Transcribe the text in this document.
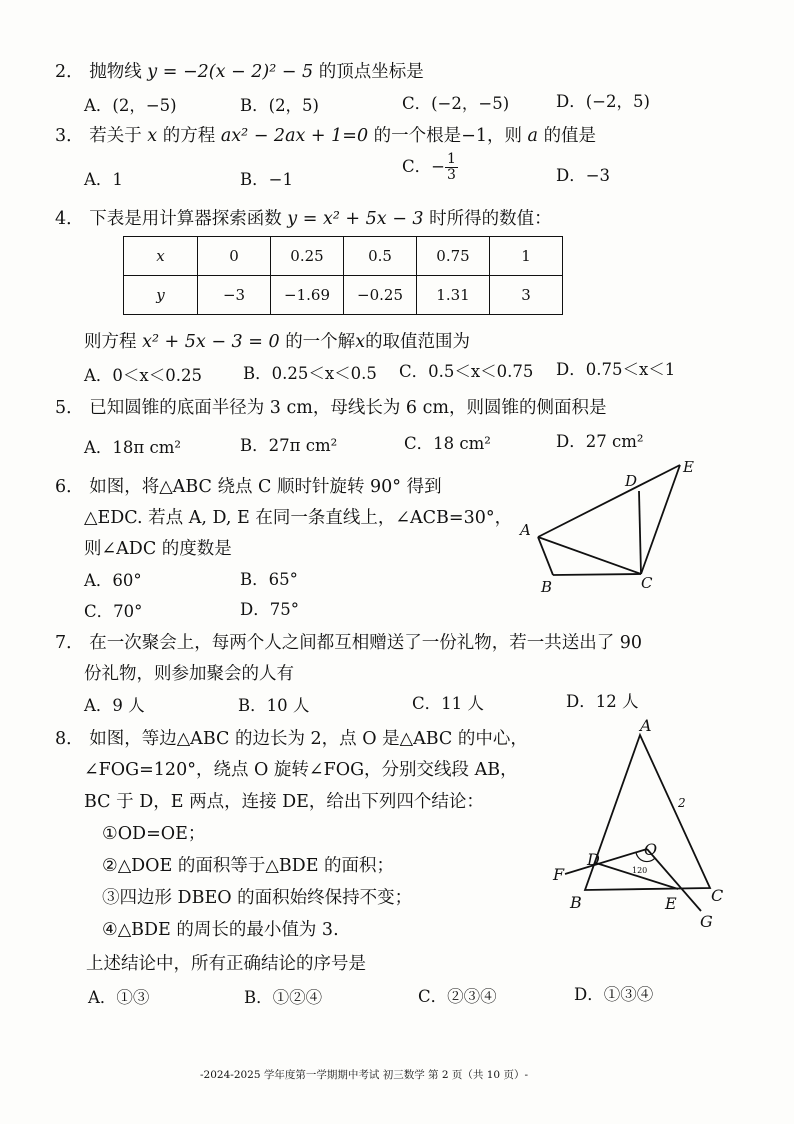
2． 抛物线 y = −2(x − 2)² − 5 的顶点坐标是
A．(2，−5)	B．(2，5)	C．(−2，−5)	D．(−2，5)
3． 若关于 x 的方程 ax² − 2ax + 1=0 的一个根是−1，则 a 的值是
A．1	B．−1
C．− $\frac{1}{3}$	D．−3
4． 下表是用计算器探索函数 y = x² + 5x − 3 时所得的数值：
x	0	0.25	0.5	0.75	1
y	−3	−1.69	−0.25	1.31	3
则方程 x² + 5x − 3 = 0 的一个解x的取值范围为
A．0＜x＜0.25 B．0.25＜x＜0.5 C．0.5＜x＜0.75 D．0.75＜x＜1
5． 已知圆锥的底面半径为 3 cm，母线长为 6 cm，则圆锥的侧面积是
A．18π cm²	B．27π cm²	C．18 cm²	D．27 cm²
6． 如图，将△ABC 绕点 C 顺时针旋转 90° 得到
△EDC. 若点 A, D, E 在同一条直线上，∠ACB=30°，
则∠ADC 的度数是
A．60°	B．65°
C．70°	D．75°
A
B	C
D
E
7． 在一次聚会上，每两个人之间都互相赠送了一份礼物，若一共送出了 90
份礼物，则参加聚会的人有
A．9 人	B．10 人	C．11 人	D．12 人
8． 如图，等边△ABC 的边长为 2，点 O 是△ABC 的中心，
∠FOG=120°，绕点 O 旋转∠FOG，分别交线段 AB，
BC 于 D，E 两点，连接 DE，给出下列四个结论：
①OD=OE；
②△DOE 的面积等于△BDE 的面积；
③四边形 DBEO 的面积始终保持不变；
④△BDE 的周长的最小值为 3.
上述结论中，所有正确结论的序号是
A．①③	B．①②④	C．②③④	D．①③④
A
B	C
D
E
F
G
O
2
120
-2024-2025 学年度第一学期期中考试 初三数学 第 2 页（共 10 页）-
